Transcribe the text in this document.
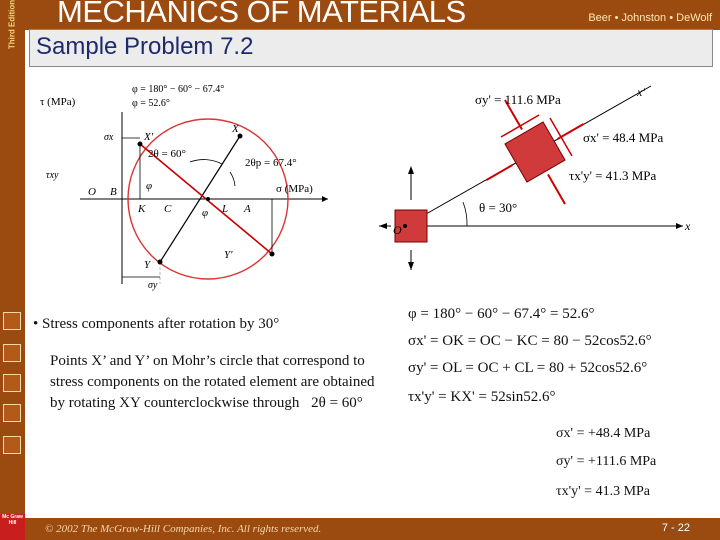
Third Edition
Mc Graw Hill
MECHANICS OF MATERIALS	Beer • Johnston • DeWolf
Sample Problem 7.2
τ (MPa)
σ (MPa)
φ = 180° − 60° − 67.4°
φ = 52.6°
2θ = 60°
2θp = 67.4°
X'
X
O B
K C	L A
Y
Y'
φ
φ
σx
σy
τxy
σy' = 111.6 MPa
σx' = 48.4 MPa
τx'y' = 41.3 MPa
θ = 30°
x'
x
O
• Stress components after rotation by 30°
Points X’ and Y’ on Mohr’s circle that correspond to stress components on the rotated element are obtained by rotating XY counterclockwise through 2θ = 60°
φ = 180° − 60° − 67.4° = 52.6°
σx' = OK = OC − KC = 80 − 52cos52.6°
σy' = OL = OC + CL = 80 + 52cos52.6°
τx'y' = KX' = 52sin52.6°
σx' = +48.4 MPa
σy' = +111.6 MPa
τx'y' = 41.3 MPa
© 2002 The McGraw-Hill Companies, Inc. All rights reserved.	7 - 22
